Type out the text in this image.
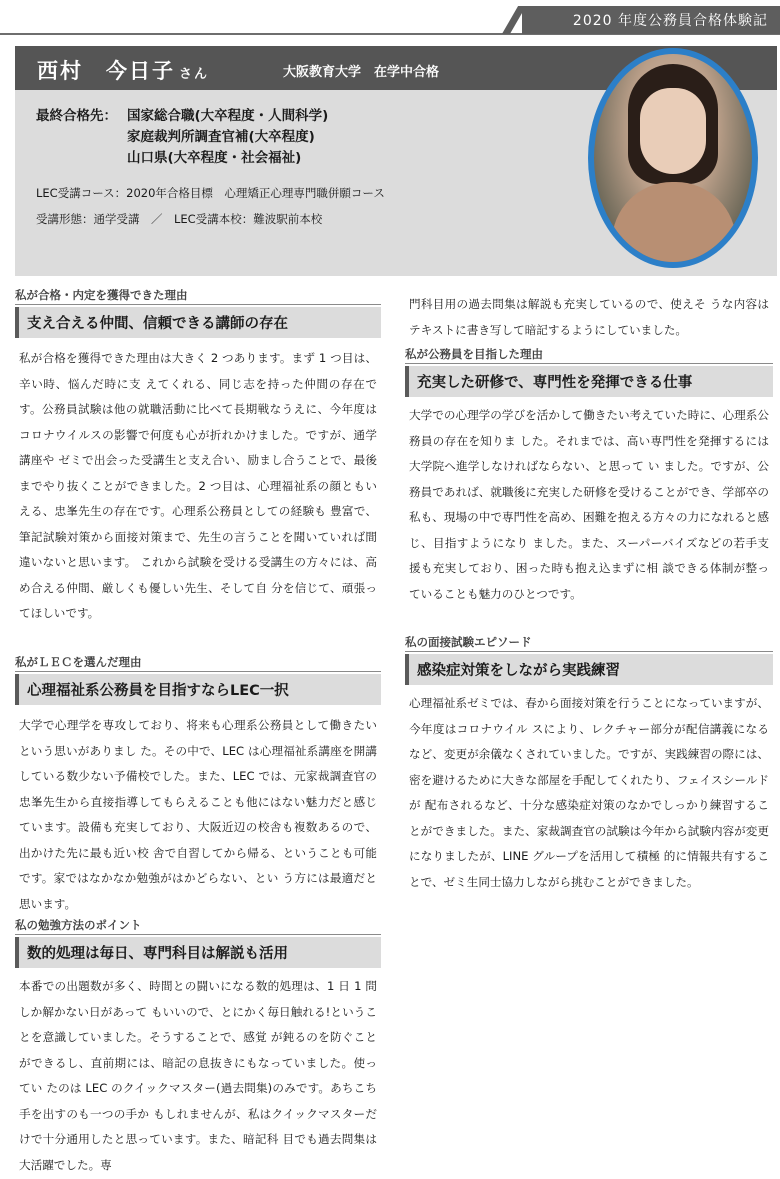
2020 年度公務員合格体験記
西村　今日子 さん	大阪教育大学　在学中合格
最終合格先： 国家総合職(大卒程度・人間科学)
家庭裁判所調査官補(大卒程度)
山口県(大卒程度・社会福祉)
LEC受講コース：2020年合格目標　心理矯正心理専門職併願コース
受講形態：通学受講　／　LEC受講本校：難波駅前本校
私が合格・内定を獲得できた理由
支え合える仲間、信頼できる講師の存在

私が合格を獲得できた理由は大きく 2 つあります。まず 1 つ目は、辛い時、悩んだ時に支 えてくれる、同じ志を持った仲間の存在です。公務員試験は他の就職活動に比べて長期戦なうえに、今年度はコロナウイルスの影響で何度も心が折れかけました。ですが、通学講座や ゼミで出会った受講生と支え合い、励まし合うことで、最後までやり抜くことができました。2 つ目は、心理福祉系の顔ともいえる、忠峯先生の存在です。心理系公務員としての経験も 豊富で、筆記試験対策から面接対策まで、先生の言うことを聞いていれば間違いないと思います。 これから試験を受ける受講生の方々には、高め合える仲間、厳しくも優しい先生、そして自 分を信じて、頑張ってほしいです。

私がＬＥＣを選んだ理由
心理福祉系公務員を目指すならLEC一択

大学で心理学を専攻しており、将来も心理系公務員として働きたいという思いがありまし た。その中で、LEC は心理福祉系講座を開講している数少ない予備校でした。また、LEC では、元家裁調査官の忠峯先生から直接指導してもらえることも他にはない魅力だと感じ ています。設備も充実しており、大阪近辺の校舎も複数あるので、出かけた先に最も近い校 舎で自習してから帰る、ということも可能です。家ではなかなか勉強がはかどらない、とい う方には最適だと思います。

私の勉強方法のポイント
数的処理は毎日、専門科目は解説も活用

本番での出題数が多く、時間との闘いになる数的処理は、1 日 1 問しか解かない日があって もいいので、とにかく毎日触れる!ということを意識していました。そうすることで、感覚 が鈍るのを防ぐことができるし、直前期には、暗記の息抜きにもなっていました。使ってい たのは LEC のクイックマスター(過去問集)のみです。あちこち手を出すのも一つの手か もしれませんが、私はクイックマスターだけで十分通用したと思っています。また、暗記科 目でも過去問集は大活躍でした。専

門科目用の過去問集は解説も充実しているので、使えそ うな内容はテキストに書き写して暗記するようにしていました。

私が公務員を目指した理由
充実した研修で、専門性を発揮できる仕事

大学での心理学の学びを活かして働きたい考えていた時に、心理系公務員の存在を知りま した。それまでは、高い専門性を発揮するには大学院へ進学しなければならない、と思って い ました。ですが、公務員であれば、就職後に充実した研修を受けることができ、学部卒の 私も、現場の中で専門性を高め、困難を抱える方々の力になれると感じ、目指すようになり ました。また、スーパーバイズなどの若手支援も充実しており、困った時も抱え込まずに相 談できる体制が整っていることも魅力のひとつです。

私の面接試験エピソード
感染症対策をしながら実践練習

心理福祉系ゼミでは、春から面接対策を行うことになっていますが、今年度はコロナウイル スにより、レクチャー部分が配信講義になるなど、変更が余儀なくされていました。ですが、実践練習の際には、密を避けるために大きな部屋を手配してくれたり、フェイスシールドが 配布されるなど、十分な感染症対策のなかでしっかり練習することができました。また、家裁調査官の試験は今年から試験内容が変更になりましたが、LINE グループを活用して積極 的に情報共有することで、ゼミ生同士協力しながら挑むことができました。
